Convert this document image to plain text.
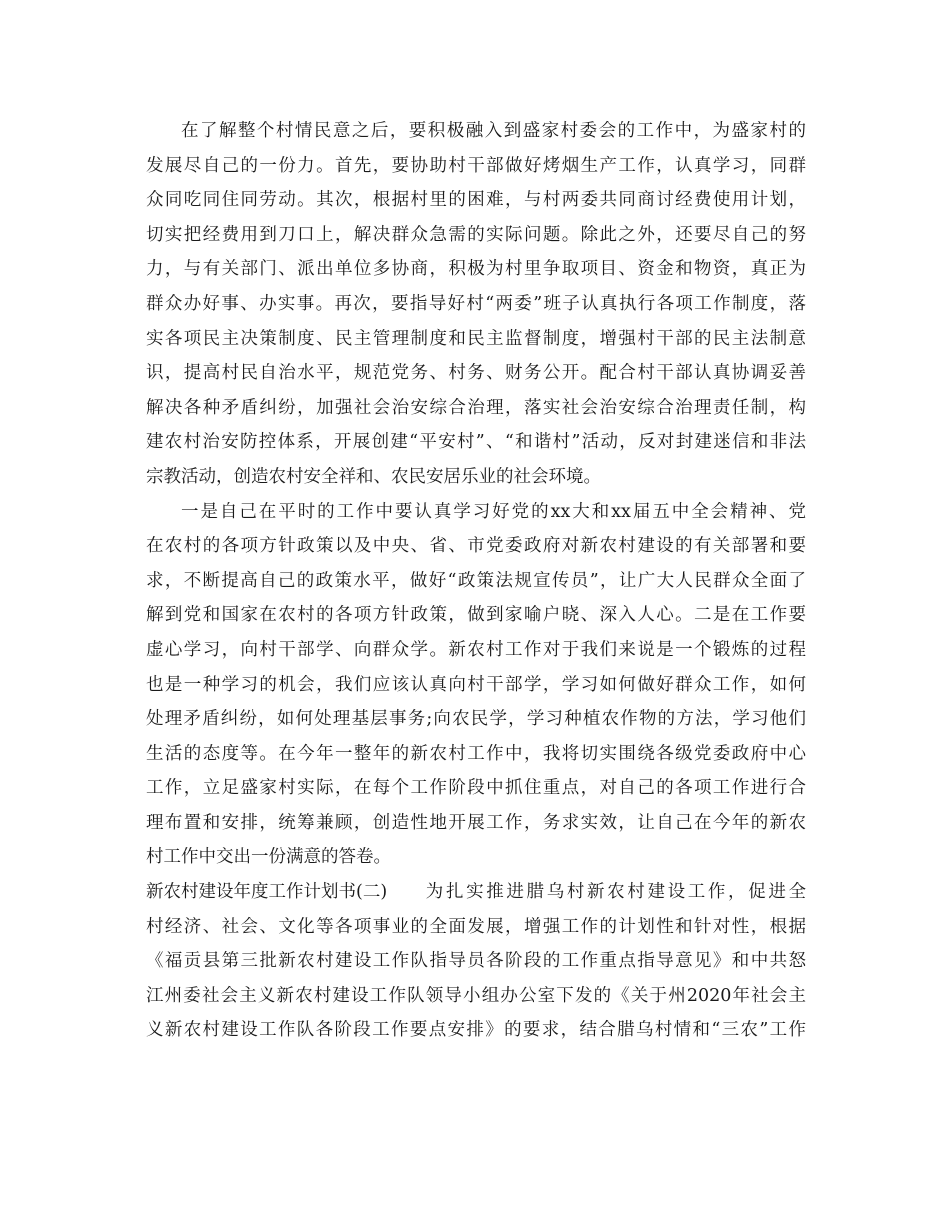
在了解整个村情民意之后，要积极融入到盛家村委会的工作中，为盛家村的
发展尽自己的一份力。首先，要协助村干部做好烤烟生产工作，认真学习，同群
众同吃同住同劳动。其次，根据村里的困难，与村两委共同商讨经费使用计划，
切实把经费用到刀口上，解决群众急需的实际问题。除此之外，还要尽自己的努
力，与有关部门、派出单位多协商，积极为村里争取项目、资金和物资，真正为
群众办好事、办实事。再次，要指导好村“两委”班子认真执行各项工作制度，落
实各项民主决策制度、民主管理制度和民主监督制度，增强村干部的民主法制意
识，提高村民自治水平，规范党务、村务、财务公开。配合村干部认真协调妥善
解决各种矛盾纠纷，加强社会治安综合治理，落实社会治安综合治理责任制，构
建农村治安防控体系，开展创建“平安村”、“和谐村”活动，反对封建迷信和非法
宗教活动，创造农村安全祥和、农民安居乐业的社会环境。
一是自己在平时的工作中要认真学习好党的xx大和xx届五中全会精神、党
在农村的各项方针政策以及中央、省、市党委政府对新农村建设的有关部署和要
求，不断提高自己的政策水平，做好“政策法规宣传员”，让广大人民群众全面了
解到党和国家在农村的各项方针政策，做到家喻户晓、深入人心。二是在工作要
虚心学习，向村干部学、向群众学。新农村工作对于我们来说是一个锻炼的过程
也是一种学习的机会，我们应该认真向村干部学，学习如何做好群众工作，如何
处理矛盾纠纷，如何处理基层事务;向农民学，学习种植农作物的方法，学习他们
生活的态度等。在今年一整年的新农村工作中，我将切实围绕各级党委政府中心
工作，立足盛家村实际，在每个工作阶段中抓住重点，对自己的各项工作进行合
理布置和安排，统筹兼顾，创造性地开展工作，务求实效，让自己在今年的新农
村工作中交出一份满意的答卷。
新农村建设年度工作计划书(二) 为扎实推进腊乌村新农村建设工作，促进全
村经济、社会、文化等各项事业的全面发展，增强工作的计划性和针对性，根据
《福贡县第三批新农村建设工作队指导员各阶段的工作重点指导意见》和中共怒
江州委社会主义新农村建设工作队领导小组办公室下发的《关于州2020年社会主
义新农村建设工作队各阶段工作要点安排》的要求，结合腊乌村情和“三农”工作
